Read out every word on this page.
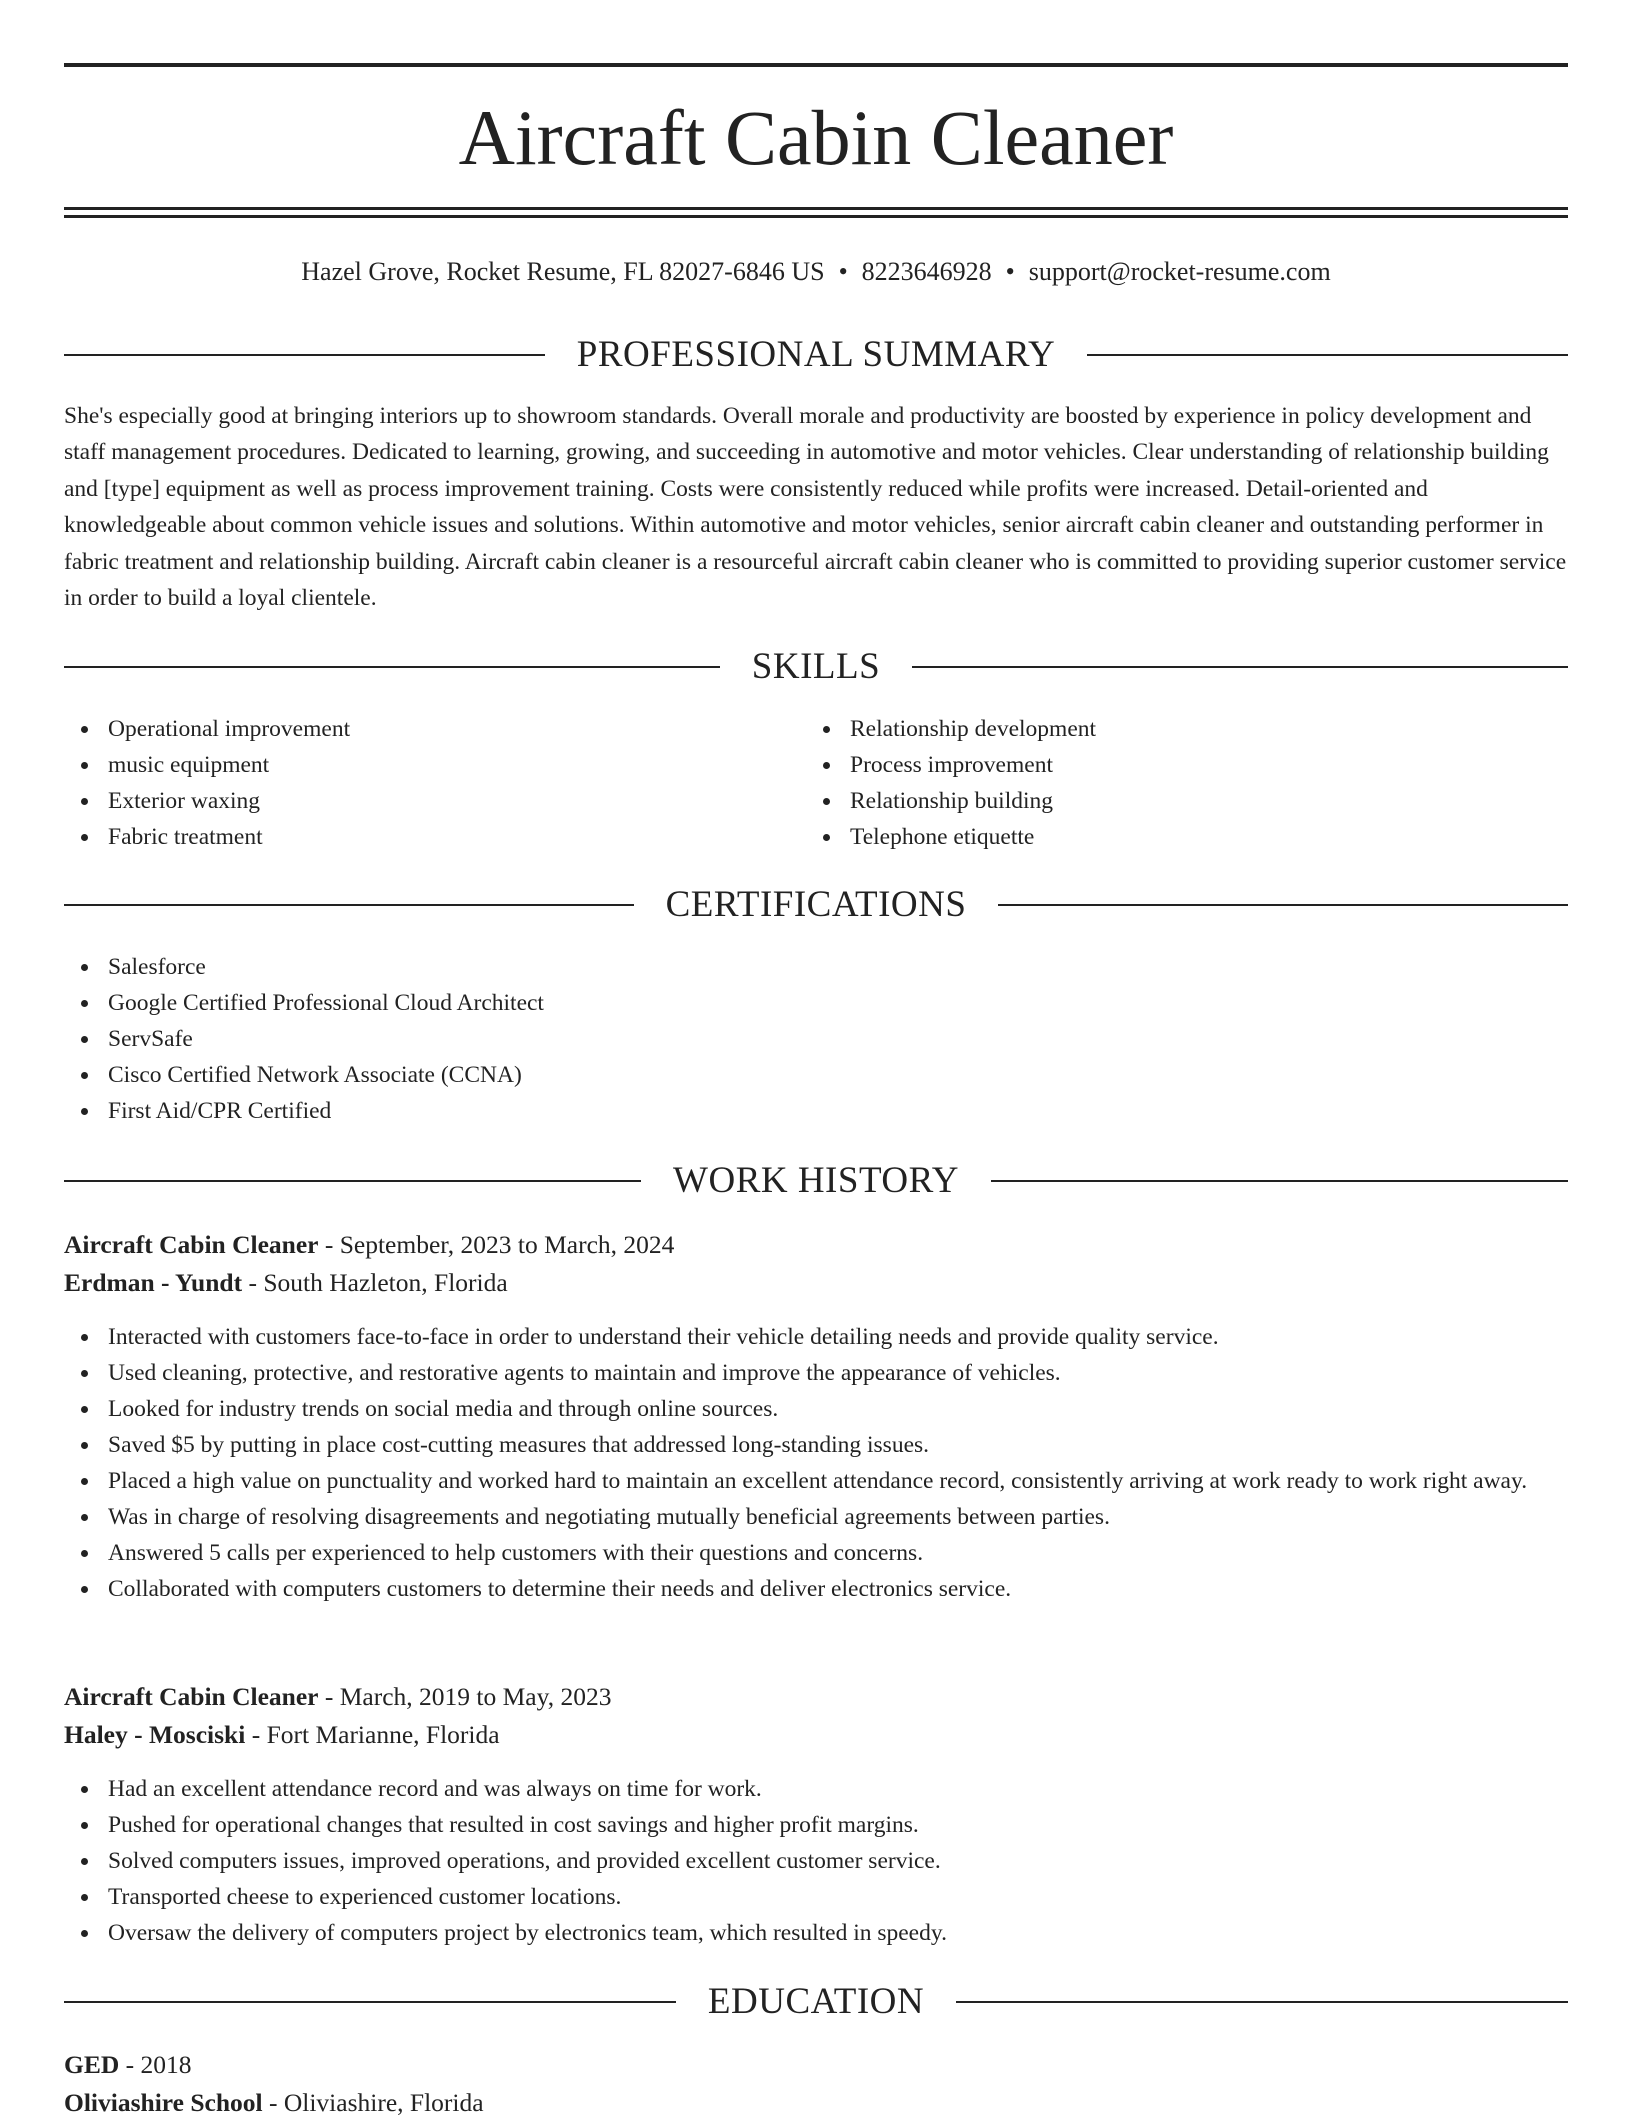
Aircraft Cabin Cleaner
Hazel Grove, Rocket Resume, FL 82027-6846 US • 8223646928 • support@rocket-resume.com
PROFESSIONAL SUMMARY

She's especially good at bringing interiors up to showroom standards. Overall morale and productivity are boosted by experience in policy development and staff management procedures. Dedicated to learning, growing, and succeeding in automotive and motor vehicles. Clear understanding of relationship building and [type] equipment as well as process improvement training. Costs were consistently reduced while profits were increased. Detail-oriented and knowledgeable about common vehicle issues and solutions. Within automotive and motor vehicles, senior aircraft cabin cleaner and outstanding performer in fabric treatment and relationship building. Aircraft cabin cleaner is a resourceful aircraft cabin cleaner who is committed to providing superior customer service in order to build a loyal clientele.

SKILLS
Operational improvement
music equipment
Exterior waxing
Fabric treatment
Relationship development
Process improvement
Relationship building
Telephone etiquette
CERTIFICATIONS
Salesforce
Google Certified Professional Cloud Architect
ServSafe
Cisco Certified Network Associate (CCNA)
First Aid/CPR Certified
WORK HISTORY
Aircraft Cabin Cleaner - September, 2023 to March, 2024
Erdman - Yundt - South Hazleton, Florida
Interacted with customers face-to-face in order to understand their vehicle detailing needs and provide quality service.
Used cleaning, protective, and restorative agents to maintain and improve the appearance of vehicles.
Looked for industry trends on social media and through online sources.
Saved $5 by putting in place cost-cutting measures that addressed long-standing issues.
Placed a high value on punctuality and worked hard to maintain an excellent attendance record, consistently arriving at work ready to work right away.
Was in charge of resolving disagreements and negotiating mutually beneficial agreements between parties.
Answered 5 calls per experienced to help customers with their questions and concerns.
Collaborated with computers customers to determine their needs and deliver electronics service.
Aircraft Cabin Cleaner - March, 2019 to May, 2023
Haley - Mosciski - Fort Mariannе, Florida
Had an excellent attendance record and was always on time for work.
Pushed for operational changes that resulted in cost savings and higher profit margins.
Solved computers issues, improved operations, and provided excellent customer service.
Transported cheese to experienced customer locations.
Oversaw the delivery of computers project by electronics team, which resulted in speedy.
EDUCATION
GED - 2018
Oliviashire School - Oliviashire, Florida
